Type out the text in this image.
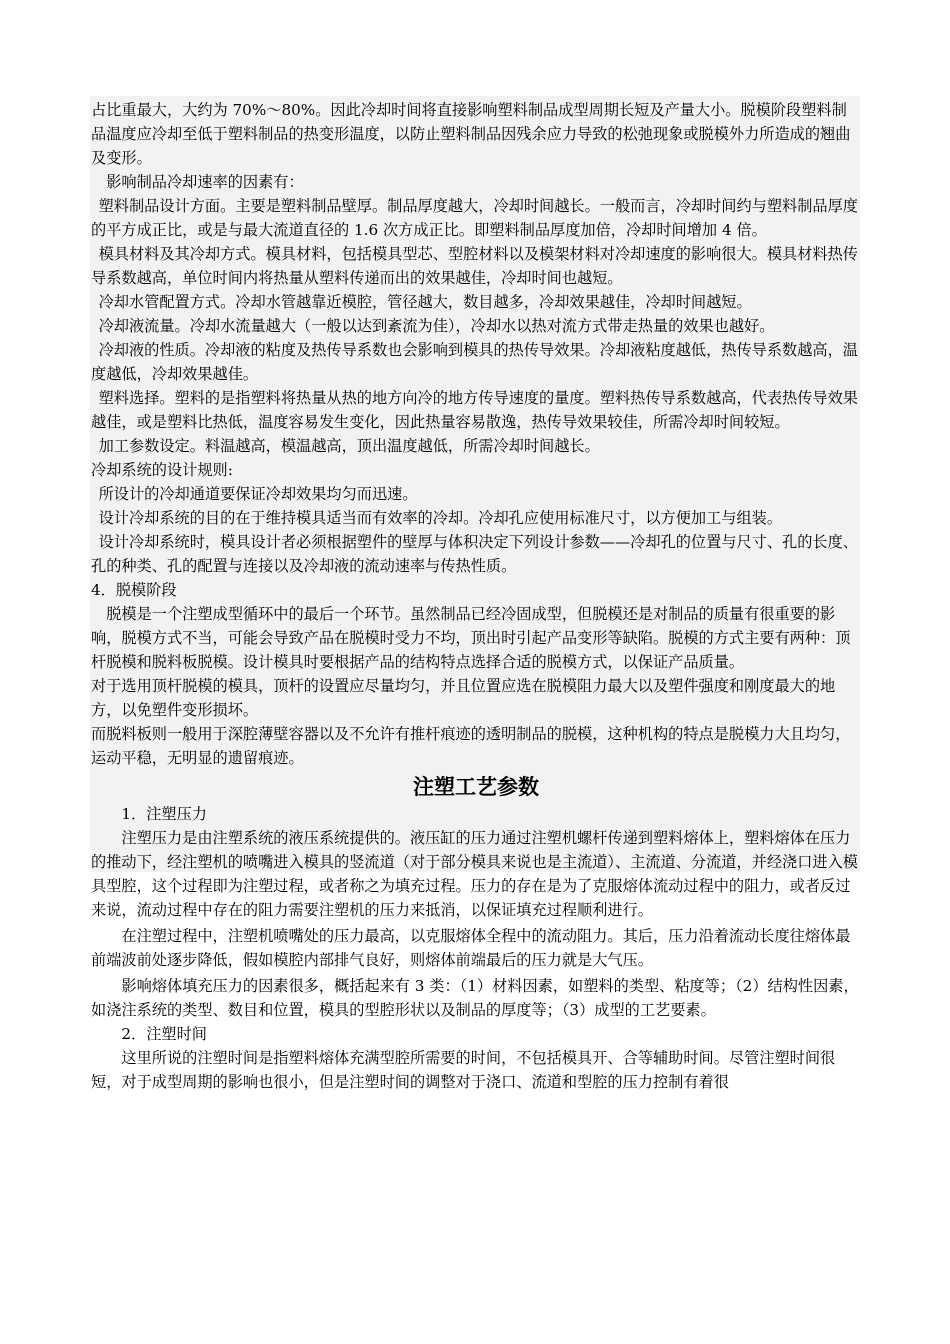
占比重最大，大约为 70%～80%。因此冷却时间将直接影响塑料制品成型周期长短及产量大小。脱模阶段塑料制品温度应冷却至低于塑料制品的热变形温度，以防止塑料制品因残余应力导致的松弛现象或脱模外力所造成的翘曲及变形。

影响制品冷却速率的因素有：

塑料制品设计方面。主要是塑料制品壁厚。制品厚度越大，冷却时间越长。一般而言，冷却时间约与塑料制品厚度的平方成正比，或是与最大流道直径的 1.6 次方成正比。即塑料制品厚度加倍，冷却时间增加 4 倍。

模具材料及其冷却方式。模具材料，包括模具型芯、型腔材料以及模架材料对冷却速度的影响很大。模具材料热传导系数越高，单位时间内将热量从塑料传递而出的效果越佳，冷却时间也越短。

冷却水管配置方式。冷却水管越靠近模腔，管径越大，数目越多，冷却效果越佳，冷却时间越短。

冷却液流量。冷却水流量越大（一般以达到紊流为佳），冷却水以热对流方式带走热量的效果也越好。

冷却液的性质。冷却液的粘度及热传导系数也会影响到模具的热传导效果。冷却液粘度越低，热传导系数越高，温度越低，冷却效果越佳。

塑料选择。塑料的是指塑料将热量从热的地方向冷的地方传导速度的量度。塑料热传导系数越高，代表热传导效果越佳，或是塑料比热低，温度容易发生变化，因此热量容易散逸，热传导效果较佳，所需冷却时间较短。

加工参数设定。料温越高，模温越高，顶出温度越低，所需冷却时间越长。

冷却系统的设计规则:

所设计的冷却通道要保证冷却效果均匀而迅速。

设计冷却系统的目的在于维持模具适当而有效率的冷却。冷却孔应使用标准尺寸，以方便加工与组装。

设计冷却系统时，模具设计者必须根据塑件的壁厚与体积决定下列设计参数——冷却孔的位置与尺寸、孔的长度、孔的种类、孔的配置与连接以及冷却液的流动速率与传热性质。

4．脱模阶段

脱模是一个注塑成型循环中的最后一个环节。虽然制品已经冷固成型，但脱模还是对制品的质量有很重要的影响，脱模方式不当，可能会导致产品在脱模时受力不均，顶出时引起产品变形等缺陷。脱模的方式主要有两种：顶杆脱模和脱料板脱模。设计模具时要根据产品的结构特点选择合适的脱模方式，以保证产品质量。

对于选用顶杆脱模的模具，顶杆的设置应尽量均匀，并且位置应选在脱模阻力最大以及塑件强度和刚度最大的地方，以免塑件变形损坏。

而脱料板则一般用于深腔薄壁容器以及不允许有推杆痕迹的透明制品的脱模，这种机构的特点是脱模力大且均匀，运动平稳，无明显的遗留痕迹。

注塑工艺参数

1．注塑压力

注塑压力是由注塑系统的液压系统提供的。液压缸的压力通过注塑机螺杆传递到塑料熔体上，塑料熔体在压力的推动下，经注塑机的喷嘴进入模具的竖流道（对于部分模具来说也是主流道）、主流道、分流道，并经浇口进入模具型腔，这个过程即为注塑过程，或者称之为填充过程。压力的存在是为了克服熔体流动过程中的阻力，或者反过来说，流动过程中存在的阻力需要注塑机的压力来抵消，以保证填充过程顺利进行。

在注塑过程中，注塑机喷嘴处的压力最高，以克服熔体全程中的流动阻力。其后，压力沿着流动长度往熔体最前端波前处逐步降低，假如模腔内部排气良好，则熔体前端最后的压力就是大气压。

影响熔体填充压力的因素很多，概括起来有 3 类：（1）材料因素，如塑料的类型、粘度等；（2）结构性因素，如浇注系统的类型、数目和位置，模具的型腔形状以及制品的厚度等；（3）成型的工艺要素。

2．注塑时间

这里所说的注塑时间是指塑料熔体充满型腔所需要的时间，不包括模具开、合等辅助时间。尽管注塑时间很短，对于成型周期的影响也很小，但是注塑时间的调整对于浇口、流道和型腔的压力控制有着很
